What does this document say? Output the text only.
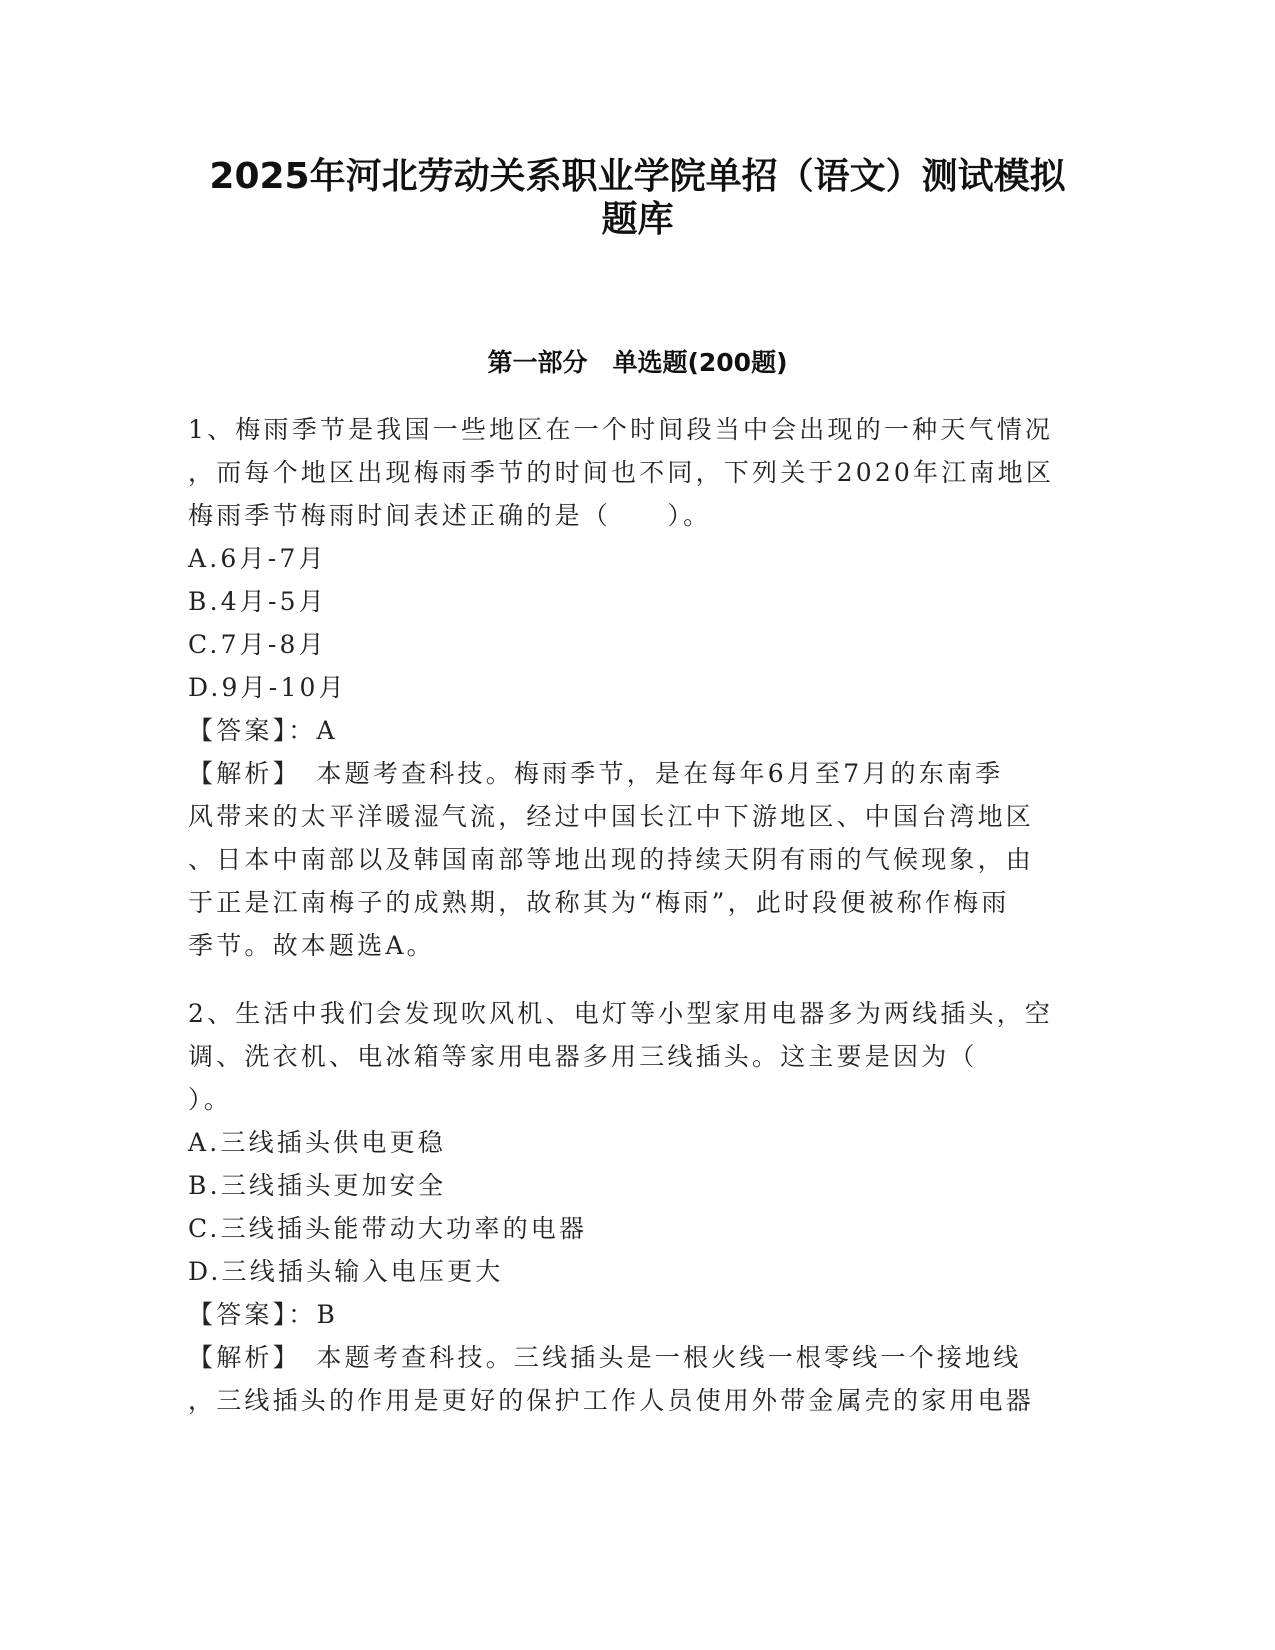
2025年河北劳动关系职业学院单招（语文）测试模拟
题库
第一部分　单选题(200题)
1、梅雨季节是我国一些地区在一个时间段当中会出现的一种天气情况
，而每个地区出现梅雨季节的时间也不同，下列关于2020年江南地区
梅雨季节梅雨时间表述正确的是（　　）。
A.6月-7月
B.4月-5月
C.7月-8月
D.9月-10月
【答案】：A
【解析】　本题考查科技。梅雨季节，是在每年6月至7月的东南季
风带来的太平洋暖湿气流，经过中国长江中下游地区、中国台湾地区
、日本中南部以及韩国南部等地出现的持续天阴有雨的气候现象，由
于正是江南梅子的成熟期，故称其为“梅雨”，此时段便被称作梅雨
季节。故本题选A。
2、生活中我们会发现吹风机、电灯等小型家用电器多为两线插头，空
调、洗衣机、电冰箱等家用电器多用三线插头。这主要是因为（
）。
A.三线插头供电更稳
B.三线插头更加安全
C.三线插头能带动大功率的电器
D.三线插头输入电压更大
【答案】：B
【解析】　本题考查科技。三线插头是一根火线一根零线一个接地线
，三线插头的作用是更好的保护工作人员使用外带金属壳的家用电器
